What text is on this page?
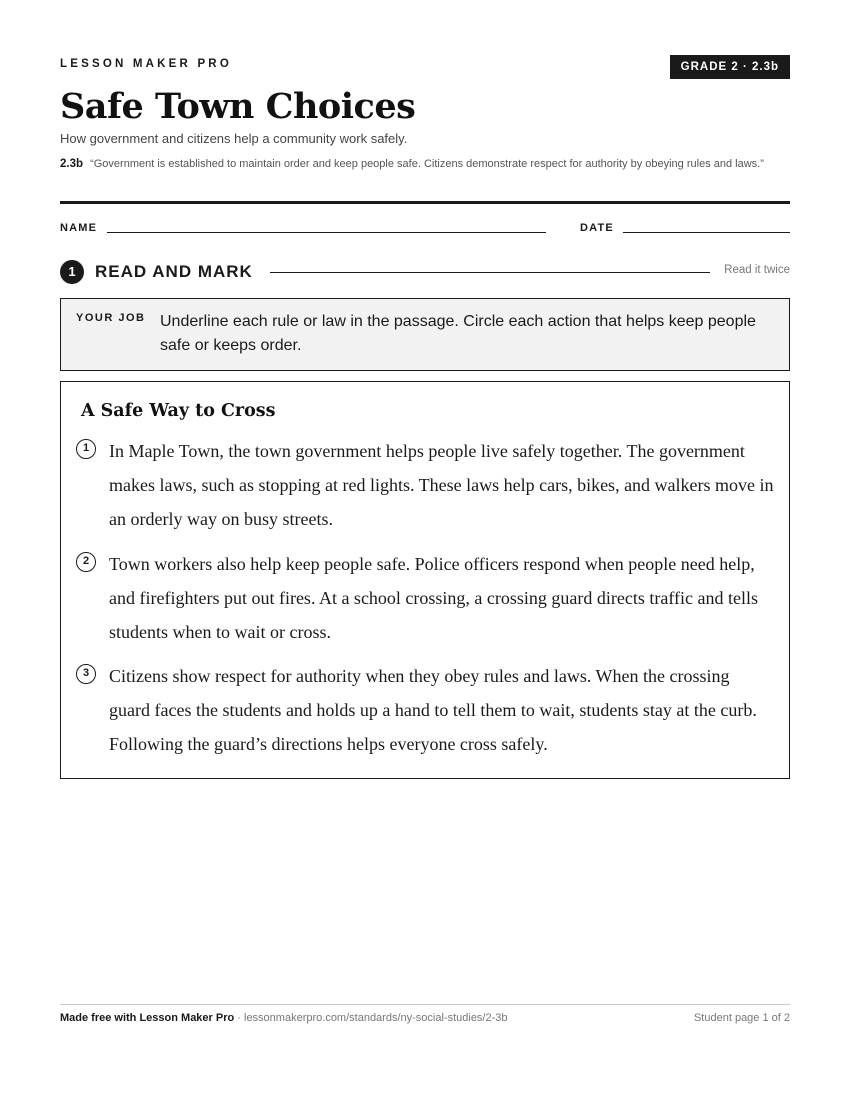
LESSON MAKER PRO	GRADE 2 · 2.3b
Safe Town Choices
How government and citizens help a community work safely.
2.3b “Government is established to maintain order and keep people safe. Citizens demonstrate respect for authority by obeying rules and laws.”
NAME	DATE
1	READ AND MARK	Read it twice
YOUR JOB Underline each rule or law in the passage. Circle each action that helps keep people safe or keeps order.
A Safe Way to Cross
1	In Maple Town, the town government helps people live safely together. The government makes laws, such as stopping at red lights. These laws help cars, bikes, and walkers move in an orderly way on busy streets.
2	Town workers also help keep people safe. Police officers respond when people need help, and firefighters put out fires. At a school crossing, a crossing guard directs traffic and tells students when to wait or cross.
3	Citizens show respect for authority when they obey rules and laws. When the crossing guard faces the students and holds up a hand to tell them to wait, students stay at the curb. Following the guard’s directions helps everyone cross safely.
Made free with Lesson Maker Pro · lessonmakerpro.com/standards/ny-social-studies/2-3b	Student page 1 of 2
